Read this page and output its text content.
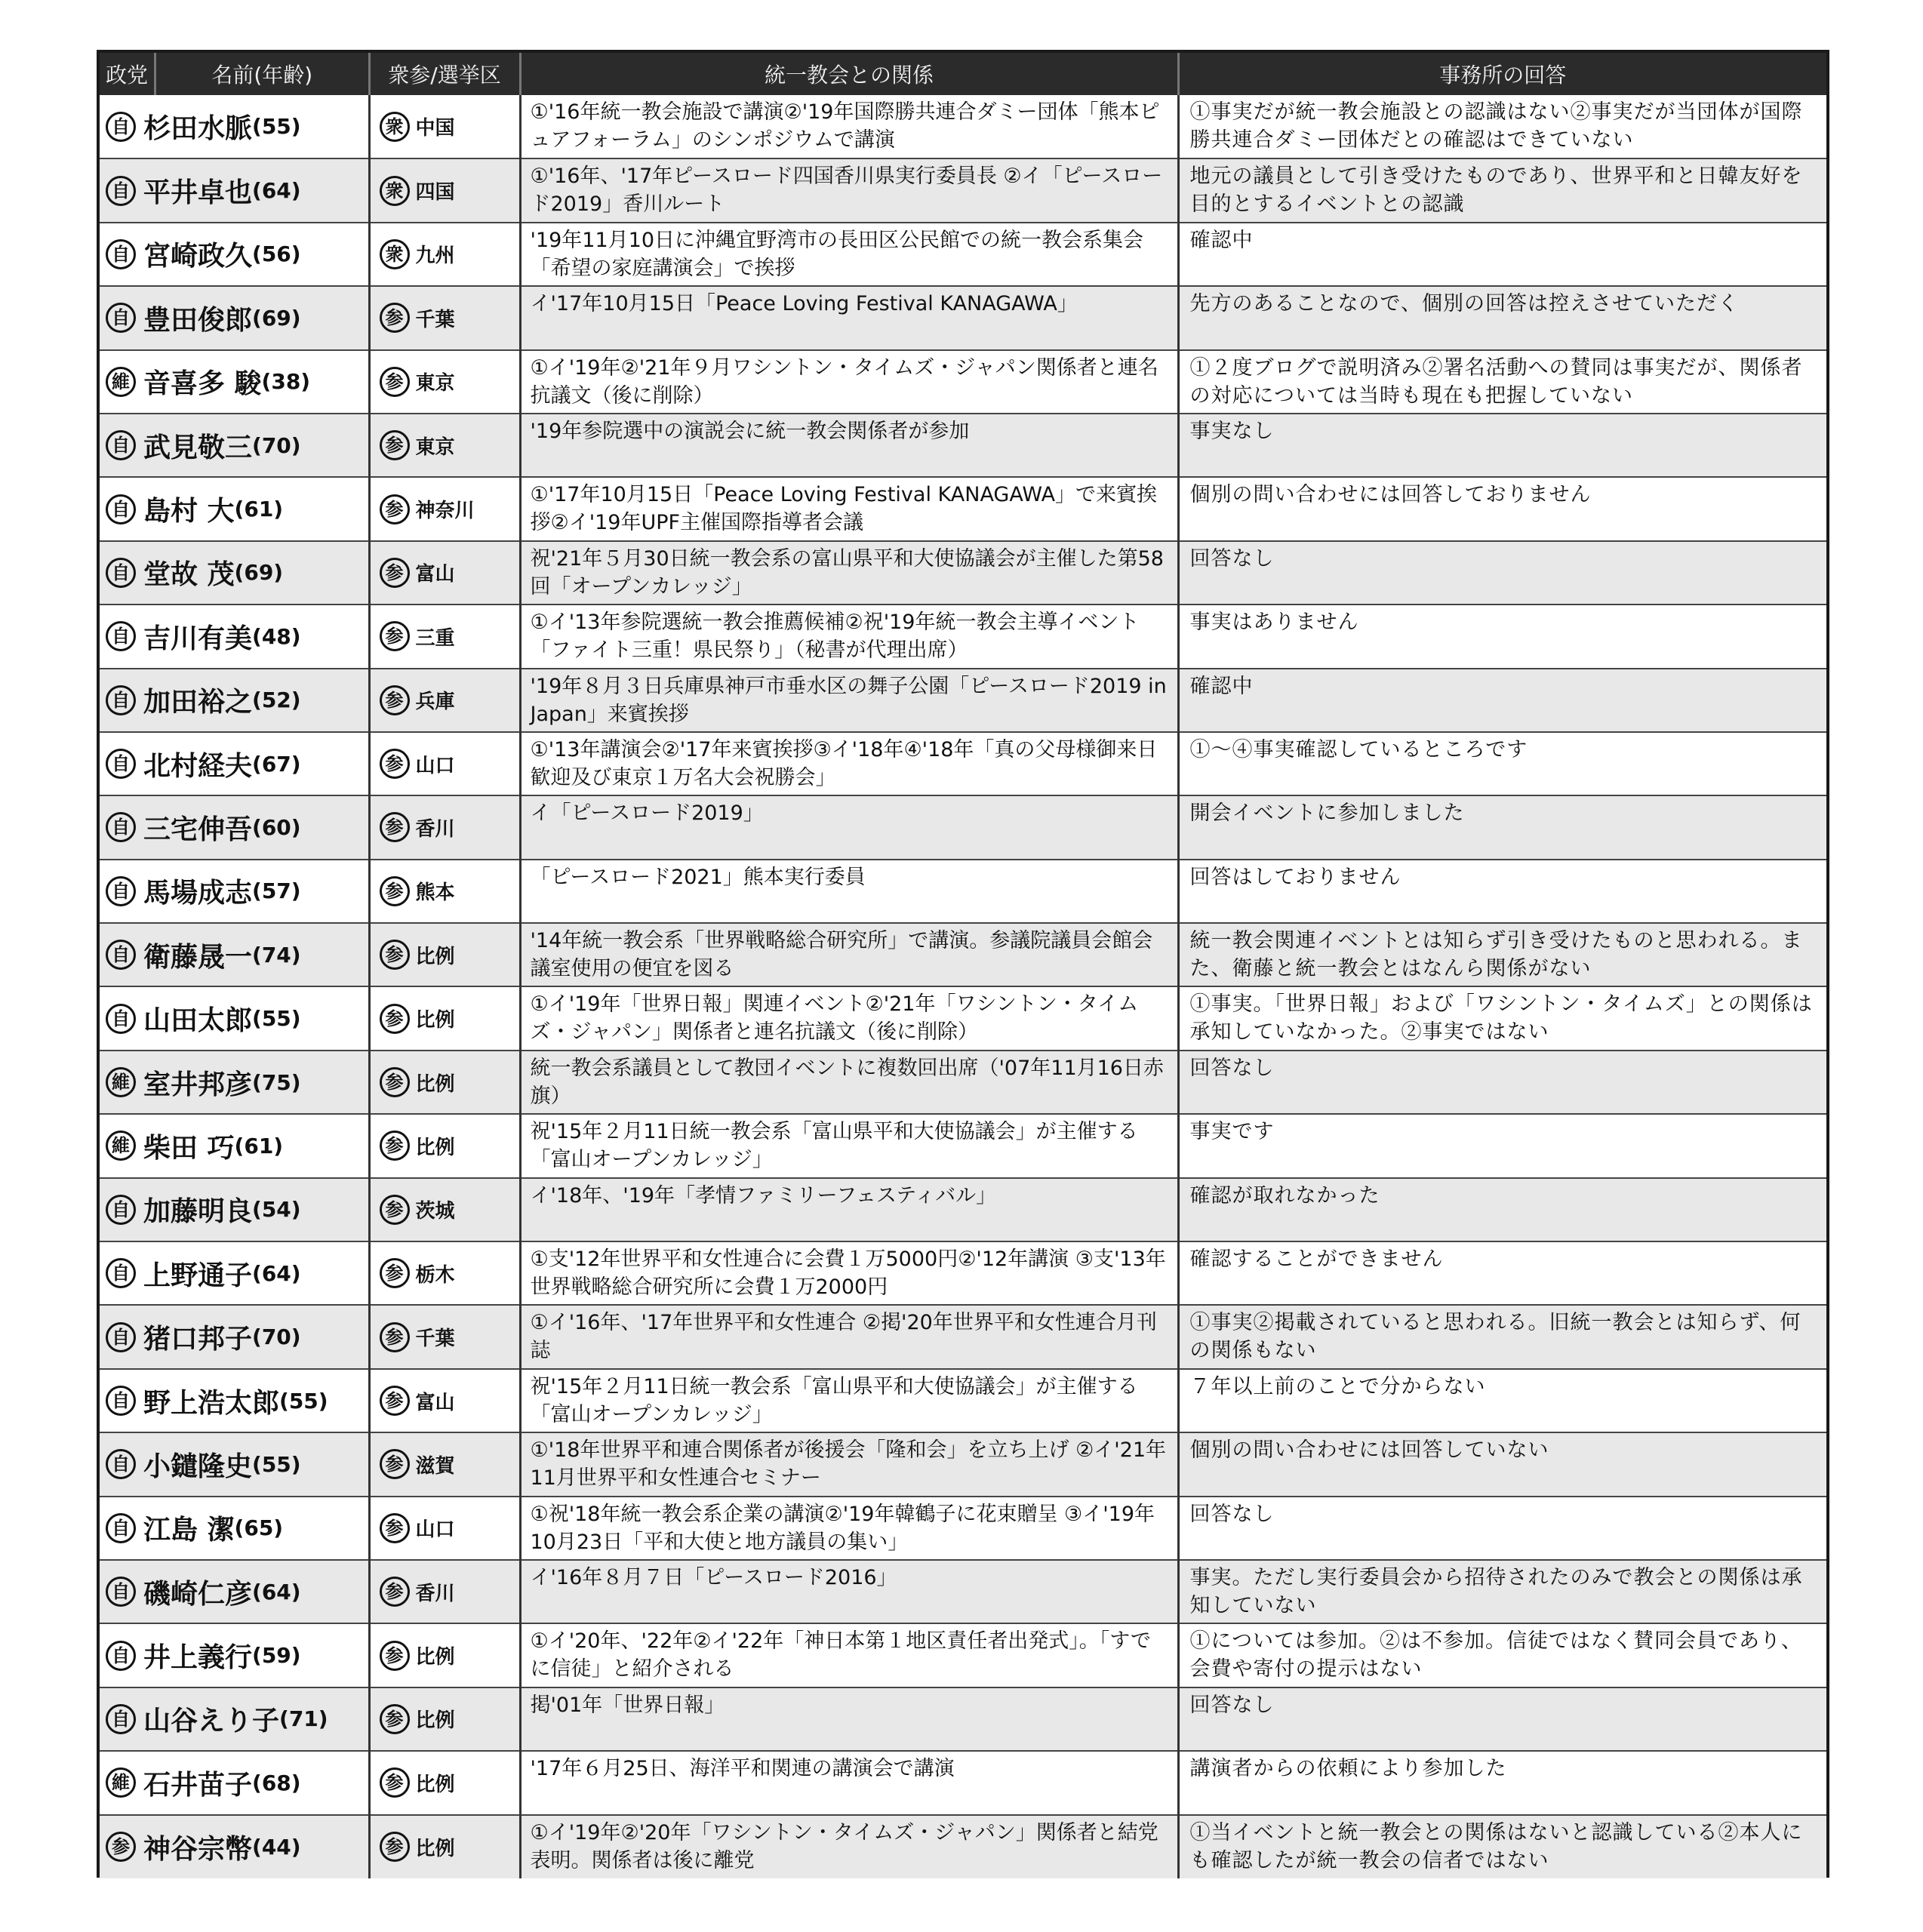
政党 名前(年齢)	衆参/選挙区	統一教会との関係	事務所の回答

自 杉田水脈 (55)	衆 中国	①'16年統一教会施設で講演②'19年国際勝共連合ダミー団体「熊本ピュアフォーラム」のシンポジウムで講演	①事実だが統一教会施設との認識はない②事実だが当団体が国際勝共連合ダミー団体だとの確認はできていない

自 平井卓也 (64)	衆 四国	①'16年、'17年ピースロード四国香川県実行委員長 ②イ「ピースロード2019」香川ルート	地元の議員として引き受けたものであり、世界平和と日韓友好を目的とするイベントとの認識

自 宮崎政久 (56)	衆 九州	'19年11月10日に沖縄宜野湾市の長田区公民館での統一教会系集会「希望の家庭講演会」で挨拶	確認中

自 豊田俊郎 (69)	参 千葉	イ'17年10月15日「Peace Loving Festival KANAGAWA」	先方のあることなので、個別の回答は控えさせていただく

維 音喜多 駿 (38)	参 東京	①イ'19年②'21年９月ワシントン・タイムズ・ジャパン関係者と連名抗議文（後に削除）	①２度ブログで説明済み②署名活動への賛同は事実だが、関係者の対応については当時も現在も把握していない

自 武見敬三 (70)	参 東京	'19年参院選中の演説会に統一教会関係者が参加	事実なし

自 島村 大 (61)	参 神奈川	①'17年10月15日「Peace Loving Festival KANAGAWA」で来賓挨拶②イ'19年UPF主催国際指導者会議	個別の問い合わせには回答しておりません

自 堂故 茂 (69)	参 富山	祝'21年５月30日統一教会系の富山県平和大使協議会が主催した第58回「オープンカレッジ」	回答なし

自 吉川有美 (48)	参 三重	①イ'13年参院選統一教会推薦候補②祝'19年統一教会主導イベント「ファイト三重！県民祭り」（秘書が代理出席）	事実はありません

自 加田裕之 (52)	参 兵庫	'19年８月３日兵庫県神戸市垂水区の舞子公園「ピースロード2019 in Japan」来賓挨拶	確認中

自 北村経夫 (67)	参 山口	①'13年講演会②'17年来賓挨拶③イ'18年④'18年「真の父母様御来日歓迎及び東京１万名大会祝勝会」	①～④事実確認しているところです

自 三宅伸吾 (60)	参 香川	イ「ピースロード2019」	開会イベントに参加しました

自 馬場成志 (57)	参 熊本	「ピースロード2021」熊本実行委員	回答はしておりません

自 衛藤晟一 (74)	参 比例	'14年統一教会系「世界戦略総合研究所」で講演。参議院議員会館会議室使用の便宜を図る	統一教会関連イベントとは知らず引き受けたものと思われる。また、衛藤と統一教会とはなんら関係がない

自 山田太郎 (55)	参 比例	①イ'19年「世界日報」関連イベント②'21年「ワシントン・タイムズ・ジャパン」関係者と連名抗議文（後に削除）	①事実。「世界日報」および「ワシントン・タイムズ」との関係は承知していなかった。②事実ではない

維 室井邦彦 (75)	参 比例	統一教会系議員として教団イベントに複数回出席（'07年11月16日赤旗）	回答なし

維 柴田 巧 (61)	参 比例	祝'15年２月11日統一教会系「富山県平和大使協議会」が主催する「富山オープンカレッジ」	事実です

自 加藤明良 (54)	参 茨城	イ'18年、'19年「孝情ファミリーフェスティバル」	確認が取れなかった

自 上野通子 (64)	参 栃木	①支'12年世界平和女性連合に会費１万5000円②'12年講演 ③支'13年世界戦略総合研究所に会費１万2000円	確認することができません

自 猪口邦子 (70)	参 千葉	①イ'16年、'17年世界平和女性連合 ②掲'20年世界平和女性連合月刊誌	①事実②掲載されていると思われる。旧統一教会とは知らず、何の関係もない

自 野上浩太郎 (55)	参 富山	祝'15年２月11日統一教会系「富山県平和大使協議会」が主催する「富山オープンカレッジ」	７年以上前のことで分からない

自 小鑓隆史 (55)	参 滋賀	①'18年世界平和連合関係者が後援会「隆和会」を立ち上げ ②イ'21年11月世界平和女性連合セミナー	個別の問い合わせには回答していない

自 江島 潔 (65)	参 山口	①祝'18年統一教会系企業の講演②'19年韓鶴子に花束贈呈 ③イ'19年10月23日「平和大使と地方議員の集い」	回答なし

自 磯崎仁彦 (64)	参 香川	イ'16年８月７日「ピースロード2016」	事実。ただし実行委員会から招待されたのみで教会との関係は承知していない

自 井上義行 (59)	参 比例	①イ'20年、'22年②イ'22年「神日本第１地区責任者出発式」。「すでに信徒」と紹介される	①については参加。②は不参加。信徒ではなく賛同会員であり、会費や寄付の提示はない

自 山谷えり子 (71)	参 比例	掲'01年「世界日報」	回答なし

維 石井苗子 (68)	参 比例	'17年６月25日、海洋平和関連の講演会で講演	講演者からの依頼により参加した

参 神谷宗幣 (44)	参 比例	①イ'19年②'20年「ワシントン・タイムズ・ジャパン」関係者と結党表明。関係者は後に離党	①当イベントと統一教会との関係はないと認識している②本人にも確認したが統一教会の信者ではない
